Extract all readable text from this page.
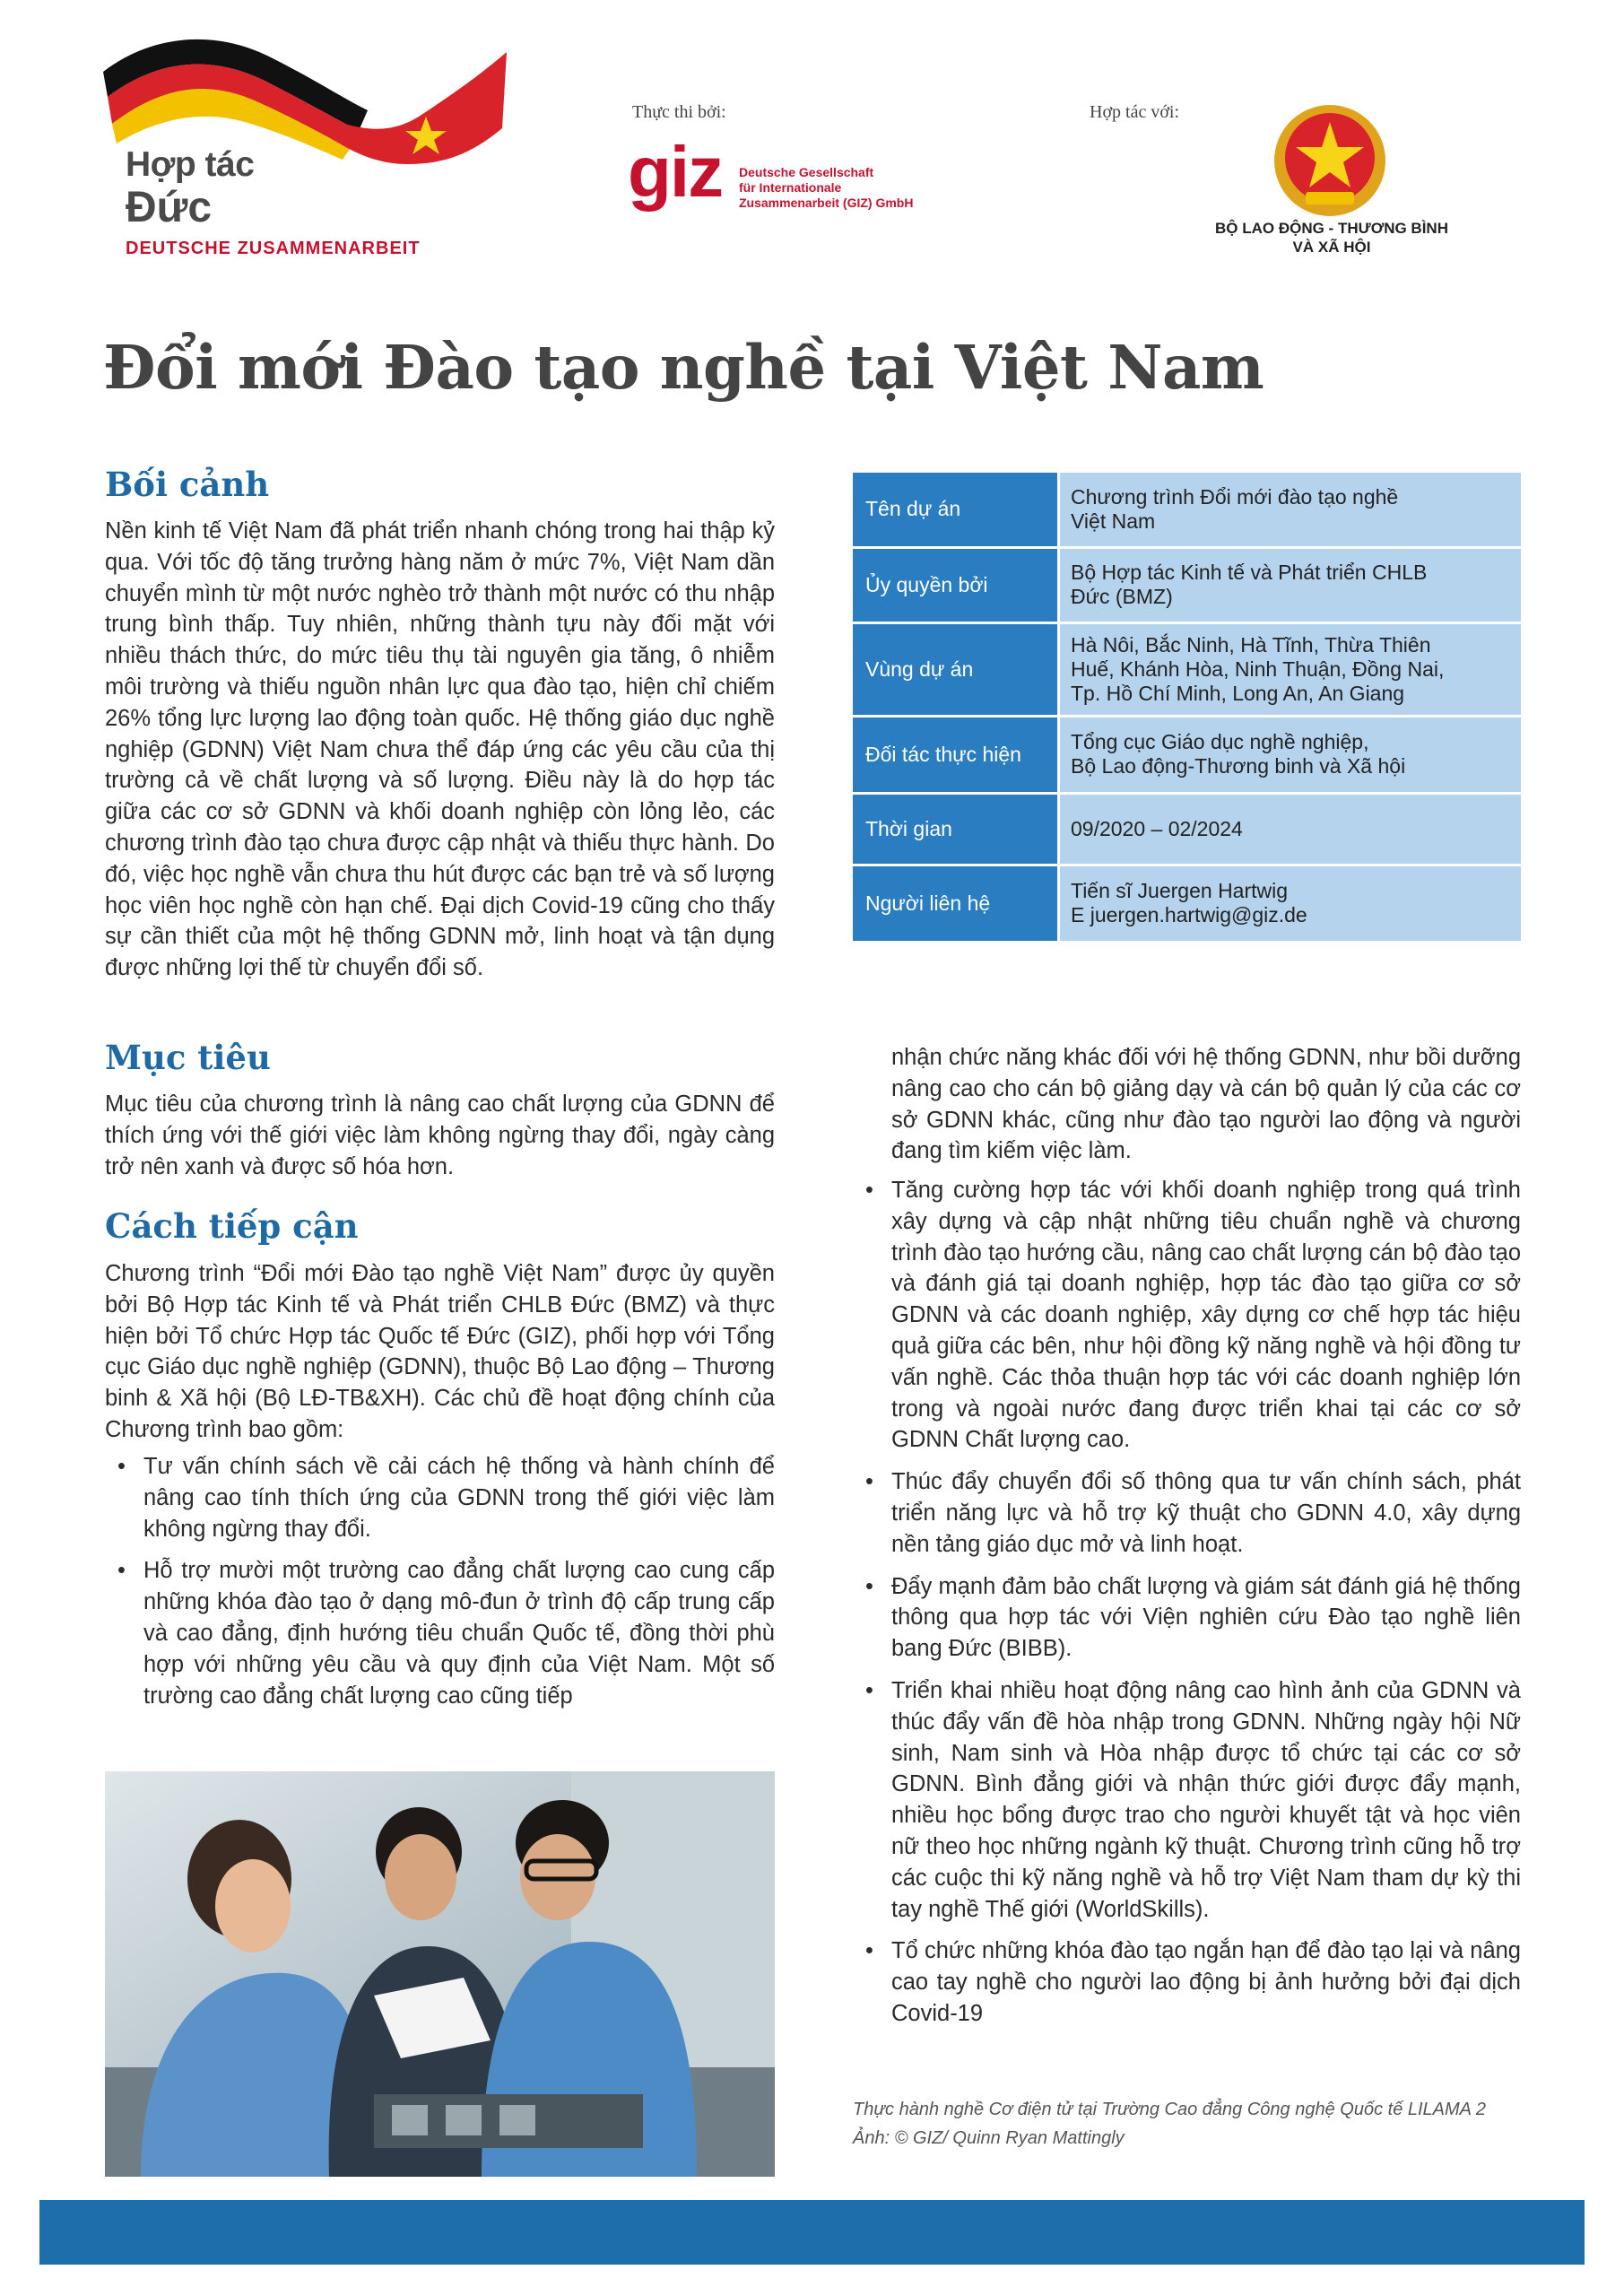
Hợp tác
Đức
DEUTSCHE ZUSAMMENARBEIT
Thực thi bởi:
giz Deutsche Gesellschaft
für Internationale
Zusammenarbeit (GIZ) GmbH
Hợp tác với:
BỘ LAO ĐỘNG - THƯƠNG BÌNH
VÀ XÃ HỘI
Đổi mới Đào tạo nghề tại Việt Nam
Bối cảnh

Nền kinh tế Việt Nam đã phát triển nhanh chóng trong hai thập kỷ qua. Với tốc độ tăng trưởng hàng năm ở mức 7%, Việt Nam dần chuyển mình từ một nước nghèo trở thành một nước có thu nhập trung bình thấp. Tuy nhiên, những thành tựu này đối mặt với nhiều thách thức, do mức tiêu thụ tài nguyên gia tăng, ô nhiễm môi trường và thiếu nguồn nhân lực qua đào tạo, hiện chỉ chiếm 26% tổng lực lượng lao động toàn quốc. Hệ thống giáo dục nghề nghiệp (GDNN) Việt Nam chưa thể đáp ứng các yêu cầu của thị trường cả về chất lượng và số lượng. Điều này là do hợp tác giữa các cơ sở GDNN và khối doanh nghiệp còn lỏng lẻo, các chương trình đào tạo chưa được cập nhật và thiếu thực hành. Do đó, việc học nghề vẫn chưa thu hút được các bạn trẻ và số lượng học viên học nghề còn hạn chế. Đại dịch Covid-19 cũng cho thấy sự cần thiết của một hệ thống GDNN mở, linh hoạt và tận dụng được những lợi thế từ chuyển đổi số.

Mục tiêu

Mục tiêu của chương trình là nâng cao chất lượng của GDNN để thích ứng với thế giới việc làm không ngừng thay đổi, ngày càng trở nên xanh và được số hóa hơn.

Cách tiếp cận

Chương trình “Đổi mới Đào tạo nghề Việt Nam” được ủy quyền bởi Bộ Hợp tác Kinh tế và Phát triển CHLB Đức (BMZ) và thực hiện bởi Tổ chức Hợp tác Quốc tế Đức (GIZ), phối hợp với Tổng cục Giáo dục nghề nghiệp (GDNN), thuộc Bộ Lao động – Thương binh & Xã hội (Bộ LĐ-TB&XH). Các chủ đề hoạt động chính của Chương trình bao gồm:

• Tư vấn chính sách về cải cách hệ thống và hành chính để nâng cao tính thích ứng của GDNN trong thế giới việc làm không ngừng thay đổi.
• Hỗ trợ mười một trường cao đẳng chất lượng cao cung cấp những khóa đào tạo ở dạng mô-đun ở trình độ cấp trung cấp và cao đẳng, định hướng tiêu chuẩn Quốc tế, đồng thời phù hợp với những yêu cầu và quy định của Việt Nam. Một số trường cao đẳng chất lượng cao cũng tiếp
Tên dự án	Chương trình Đổi mới đào tạo nghề
Việt Nam

Ủy quyền bởi	Bộ Hợp tác Kinh tế và Phát triển CHLB
Đức (BMZ)

Vùng dự án	Hà Nôi, Bắc Ninh, Hà Tĩnh, Thừa Thiên
Huế, Khánh Hòa, Ninh Thuận, Đồng Nai,
Tp. Hồ Chí Minh, Long An, An Giang

Đối tác thực hiện	Tổng cục Giáo dục nghề nghiệp,
Bộ Lao động-Thương binh và Xã hội

Thời gian	09/2020 – 02/2024

Người liên hệ	Tiến sĩ Juergen Hartwig
E juergen.hartwig@giz.de

nhận chức năng khác đối với hệ thống GDNN, như bồi dưỡng nâng cao cho cán bộ giảng dạy và cán bộ quản lý của các cơ sở GDNN khác, cũng như đào tạo người lao động và người đang tìm kiếm việc làm.

• Tăng cường hợp tác với khối doanh nghiệp trong quá trình xây dựng và cập nhật những tiêu chuẩn nghề và chương trình đào tạo hướng cầu, nâng cao chất lượng cán bộ đào tạo và đánh giá tại doanh nghiệp, hợp tác đào tạo giữa cơ sở GDNN và các doanh nghiệp, xây dựng cơ chế hợp tác hiệu quả giữa các bên, như hội đồng kỹ năng nghề và hội đồng tư vấn nghề. Các thỏa thuận hợp tác với các doanh nghiệp lớn trong và ngoài nước đang được triển khai tại các cơ sở GDNN Chất lượng cao.
• Thúc đẩy chuyển đổi số thông qua tư vấn chính sách, phát triển năng lực và hỗ trợ kỹ thuật cho GDNN 4.0, xây dựng nền tảng giáo dục mở và linh hoạt.
• Đẩy mạnh đảm bảo chất lượng và giám sát đánh giá hệ thống thông qua hợp tác với Viện nghiên cứu Đào tạo nghề liên bang Đức (BIBB).
• Triển khai nhiều hoạt động nâng cao hình ảnh của GDNN và thúc đẩy vấn đề hòa nhập trong GDNN. Những ngày hội Nữ sinh, Nam sinh và Hòa nhập được tổ chức tại các cơ sở GDNN. Bình đẳng giới và nhận thức giới được đẩy mạnh, nhiều học bổng được trao cho người khuyết tật và học viên nữ theo học những ngành kỹ thuật. Chương trình cũng hỗ trợ các cuộc thi kỹ năng nghề và hỗ trợ Việt Nam tham dự kỳ thi tay nghề Thế giới (WorldSkills).
• Tổ chức những khóa đào tạo ngắn hạn để đào tạo lại và nâng cao tay nghề cho người lao động bị ảnh hưởng bởi đại dịch Covid-19
Thực hành nghề Cơ điện tử tại Trường Cao đẳng Công nghệ Quốc tế LILAMA 2
Ảnh: © GIZ/ Quinn Ryan Mattingly
